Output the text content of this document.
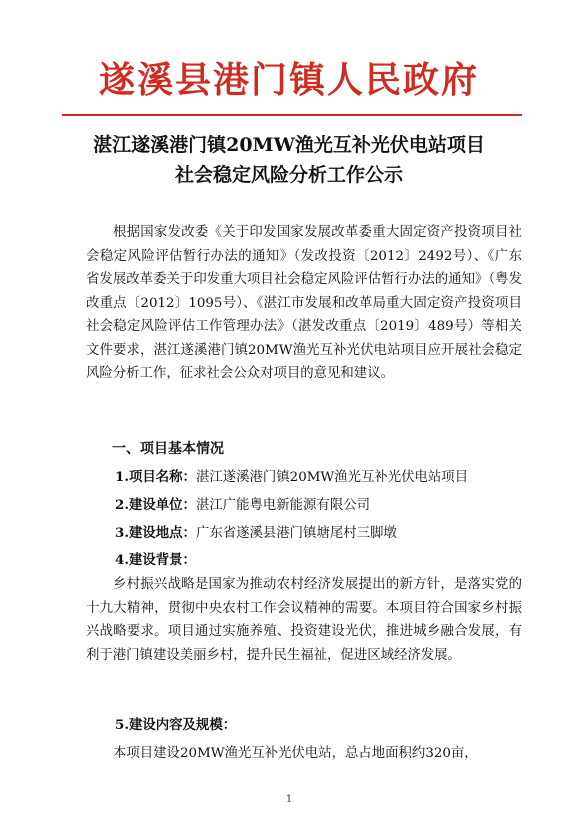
遂溪县港门镇人民政府
湛江遂溪港门镇20MW渔光互补光伏电站项目
社会稳定风险分析工作公示
根据国家发改委《关于印发国家发展改革委重大固定资产投资项目社会稳定风险评估暂行办法的通知》（发改投资〔2012〕2492号）、《广东省发展改革委关于印发重大项目社会稳定风险评估暂行办法的通知》（粤发改重点〔2012〕1095号）、《湛江市发展和改革局重大固定资产投资项目社会稳定风险评估工作管理办法》（湛发改重点〔2019〕489号）等相关文件要求，湛江遂溪港门镇20MW渔光互补光伏电站项目应开展社会稳定风险分析工作，征求社会公众对项目的意见和建议。
一、项目基本情况
1.项目名称：湛江遂溪港门镇20MW渔光互补光伏电站项目
2.建设单位：湛江广能粤电新能源有限公司
3.建设地点：广东省遂溪县港门镇塘尾村三脚墩
4.建设背景：
乡村振兴战略是国家为推动农村经济发展提出的新方针，是落实党的十九大精神，贯彻中央农村工作会议精神的需要。本项目符合国家乡村振兴战略要求。项目通过实施养殖、投资建设光伏，推进城乡融合发展，有利于港门镇建设美丽乡村，提升民生福祉，促进区域经济发展。
5.建设内容及规模：
本项目建设20MW渔光互补光伏电站，总占地面积约320亩，
1
